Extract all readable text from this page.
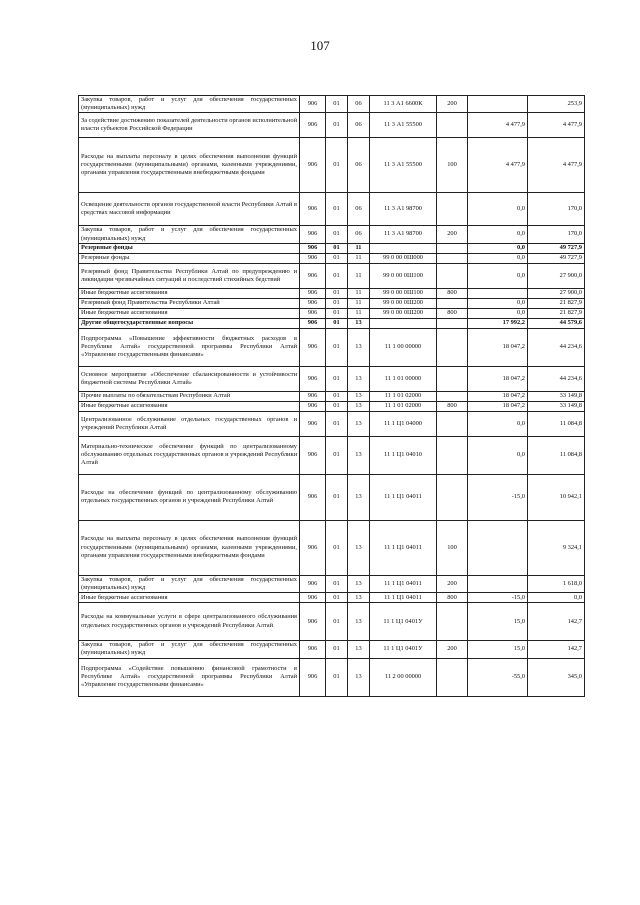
107
Закупка товаров, работ и услуг для обеспечения государственных (муниципальных) нужд	906	01	06	11 3 А1 6600К	200		253,9
За содействие достижению показателей деятельности органов исполнительной власти субъектов Российской Федерации	906	01	06	11 3 А1 55500		4 477,9	4 477,9
Расходы на выплаты персоналу в целях обеспечения выполнения функций государственными (муниципальными) органами, казенными учреждениями, органами управления государственными внебюджетными фондами	906	01	06	11 3 А1 55500	100	4 477,9	4 477,9
Освещение деятельности органов государственной власти Республики Алтай в средствах массовой информации	906	01	06	11 3 А1 98700		0,0	170,0
Закупка товаров, работ и услуг для обеспечения государственных (муниципальных) нужд	906	01	06	11 3 А1 98700	200	0,0	170,0
Резервные фонды	906	01	11			0,0	49 727,9
Резервные фонды	906	01	11	99 0 00 0Ш000		0,0	49 727,9
Резервный фонд Правительства Республики Алтай по предупреждению и ликвидации чрезвычайных ситуаций и последствий стихийных бедствий	906	01	11	99 0 00 0Ш100		0,0	27 900,0
Иные бюджетные ассигнования	906	01	11	99 0 00 0Ш100	800		27 900,0
Резервный фонд Правительства Республики Алтай	906	01	11	99 0 00 0Ш200		0,0	21 827,9
Иные бюджетные ассигнования	906	01	11	99 0 00 0Ш200	800	0,0	21 827,9
Другие общегосударственные вопросы	906	01	13			17 992,2	44 579,6
Подпрограмма «Повышение эффективности бюджетных расходов в Республике Алтай» государственной программы Республики Алтай «Управление государственными финансами»	906	01	13	11 1 00 00000		18 047,2	44 234,6
Основное мероприятие «Обеспечение сбалансированности и устойчивости бюджетной системы Республики Алтай»	906	01	13	11 1 01 00000		18 047,2	44 234,6
Прочие выплаты по обязательствам Республики Алтай	906	01	13	11 1 01 02000		18 047,2	33 149,8
Иные бюджетные ассигнования	906	01	13	11 1 01 02000	800	18 047,2	33 149,8
Централизованное обслуживание отдельных государственных органов и учреждений Республики Алтай	906	01	13	11 1 Ц1 04000		0,0	11 084,8
Материально-техническое обеспечение функций по централизованному обслуживанию отдельных государственных органов и учреждений Республики Алтай	906	01	13	11 1 Ц1 04010		0,0	11 084,8
Расходы на обеспечение функций по централизованному обслуживанию отдельных государственных органов и учреждений Республики Алтай	906	01	13	11 1 Ц1 04011		-15,0	10 942,1
Расходы на выплаты персоналу в целях обеспечения выполнения функций государственными (муниципальными) органами, казенными учреждениями, органами управления государственными внебюджетными фондами	906	01	13	11 1 Ц1 04011	100		9 324,1
Закупка товаров, работ и услуг для обеспечения государственных (муниципальных) нужд	906	01	13	11 1 Ц1 04011	200		1 618,0
Иные бюджетные ассигнования	906	01	13	11 1 Ц1 04011	800	-15,0	0,0
Расходы на коммунальные услуги в сфере централизованного обслуживания отдельных государственных органов и учреждений Республики Алтай	906	01	13	11 1 Ц1 0401У		15,0	142,7
Закупка товаров, работ и услуг для обеспечения государственных (муниципальных) нужд	906	01	13	11 1 Ц1 0401У	200	15,0	142,7
Подпрограмма «Содействие повышению финансовой грамотности в Республике Алтай» государственной программы Республики Алтай «Управление государственными финансами»	906	01	13	11 2 00 00000		-55,0	345,0
